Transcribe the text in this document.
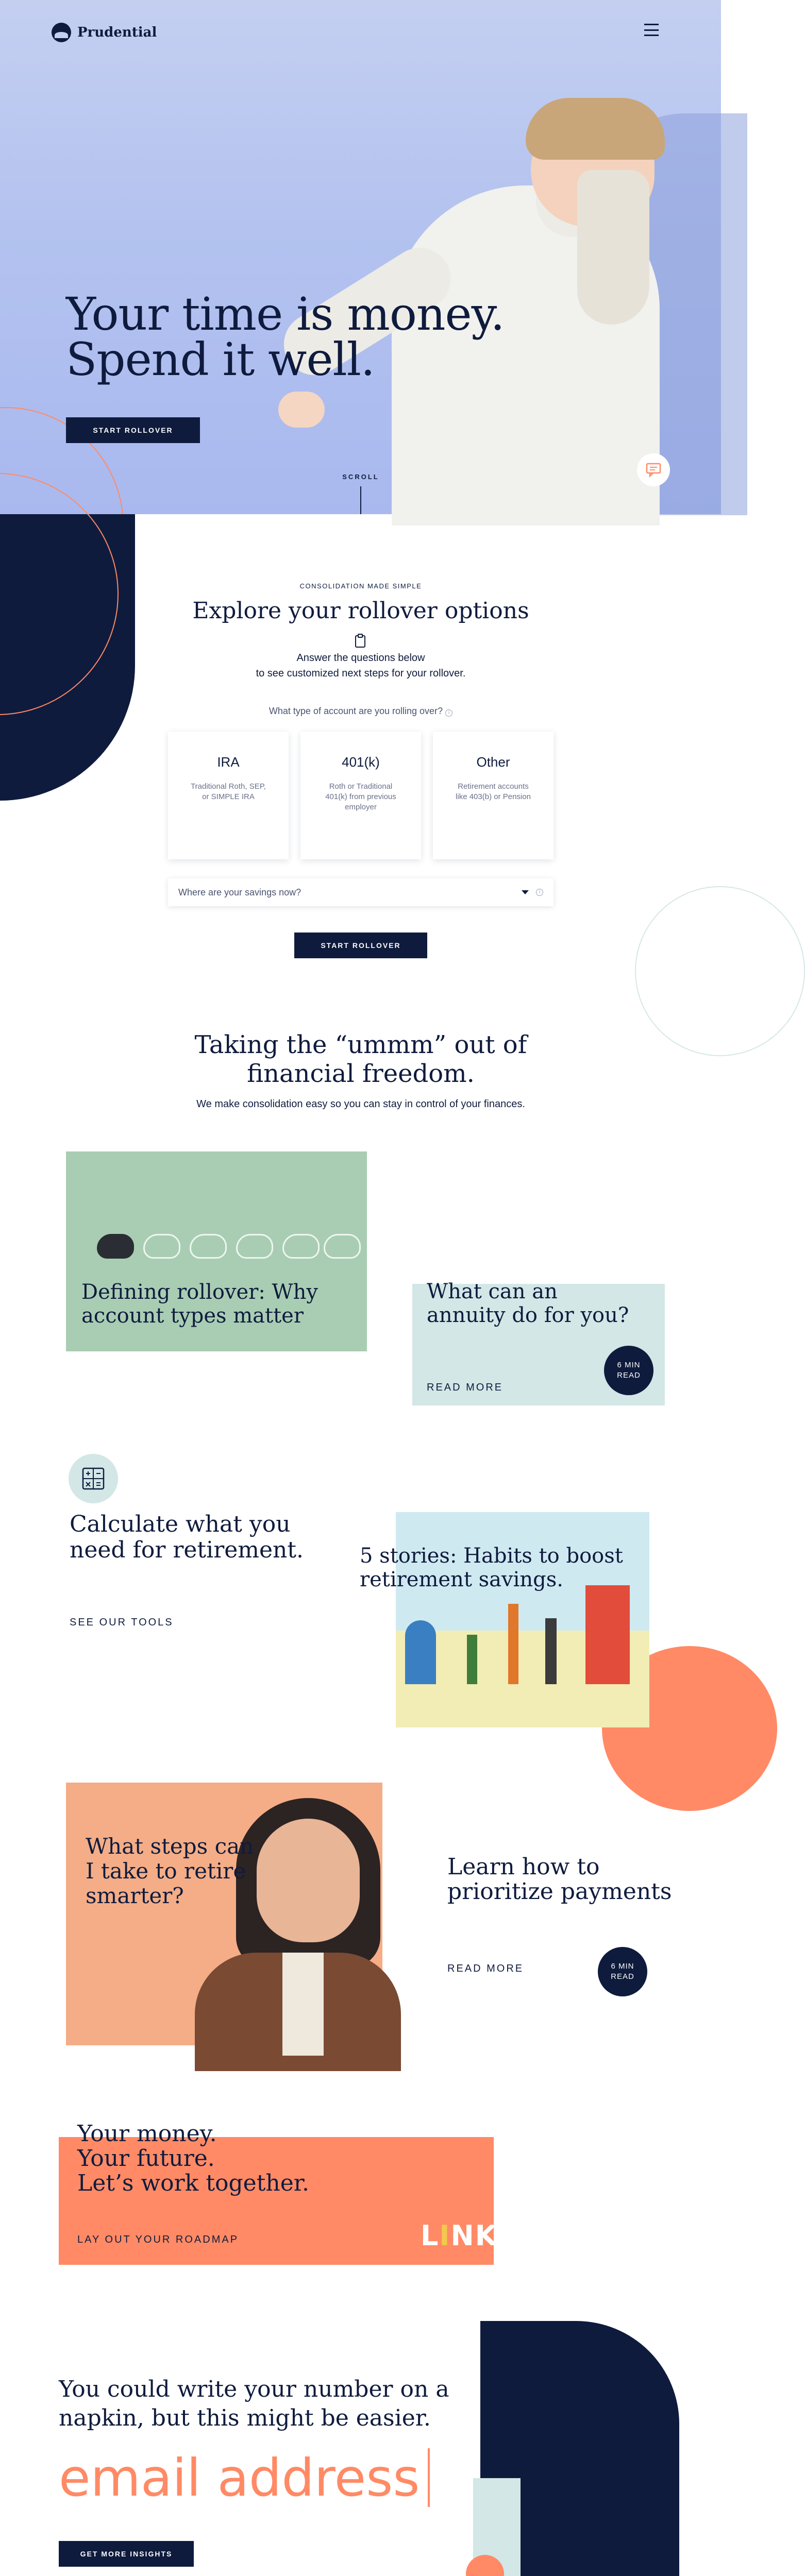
Prudential
Your time is money.
Spend it well.
START ROLLOVER
SCROLL
CONSOLIDATION MADE SIMPLE
Explore your rollover options
Answer the questions below
to see customized next steps for your rollover.
What type of account are you rolling over? i
IRA
Traditional Roth, SEP, or SIMPLE IRA
401(k)
Roth or Traditional 401(k) from previous employer
Other
Retirement accounts like 403(b) or Pension
Where are your savings now?	i
START ROLLOVER
Taking the “ummm” out of
financial freedom.

We make consolidation easy so you can stay in control of your finances.

Defining rollover: Why account types matter
What can an annuity do for you?
READ MORE
6 MIN
READ
Calculate what you need for retirement.
SEE OUR TOOLS
5 stories: Habits to boost retirement savings.
What steps can I take to retire smarter?
Learn how to prioritize payments
READ MORE	6 MIN
READ
Your money.
Your future.
Let’s work together.
LAY OUT YOUR ROADMAP	LINK
You could write your number on a
napkin, but this might be easier.
email address
GET MORE INSIGHTS
